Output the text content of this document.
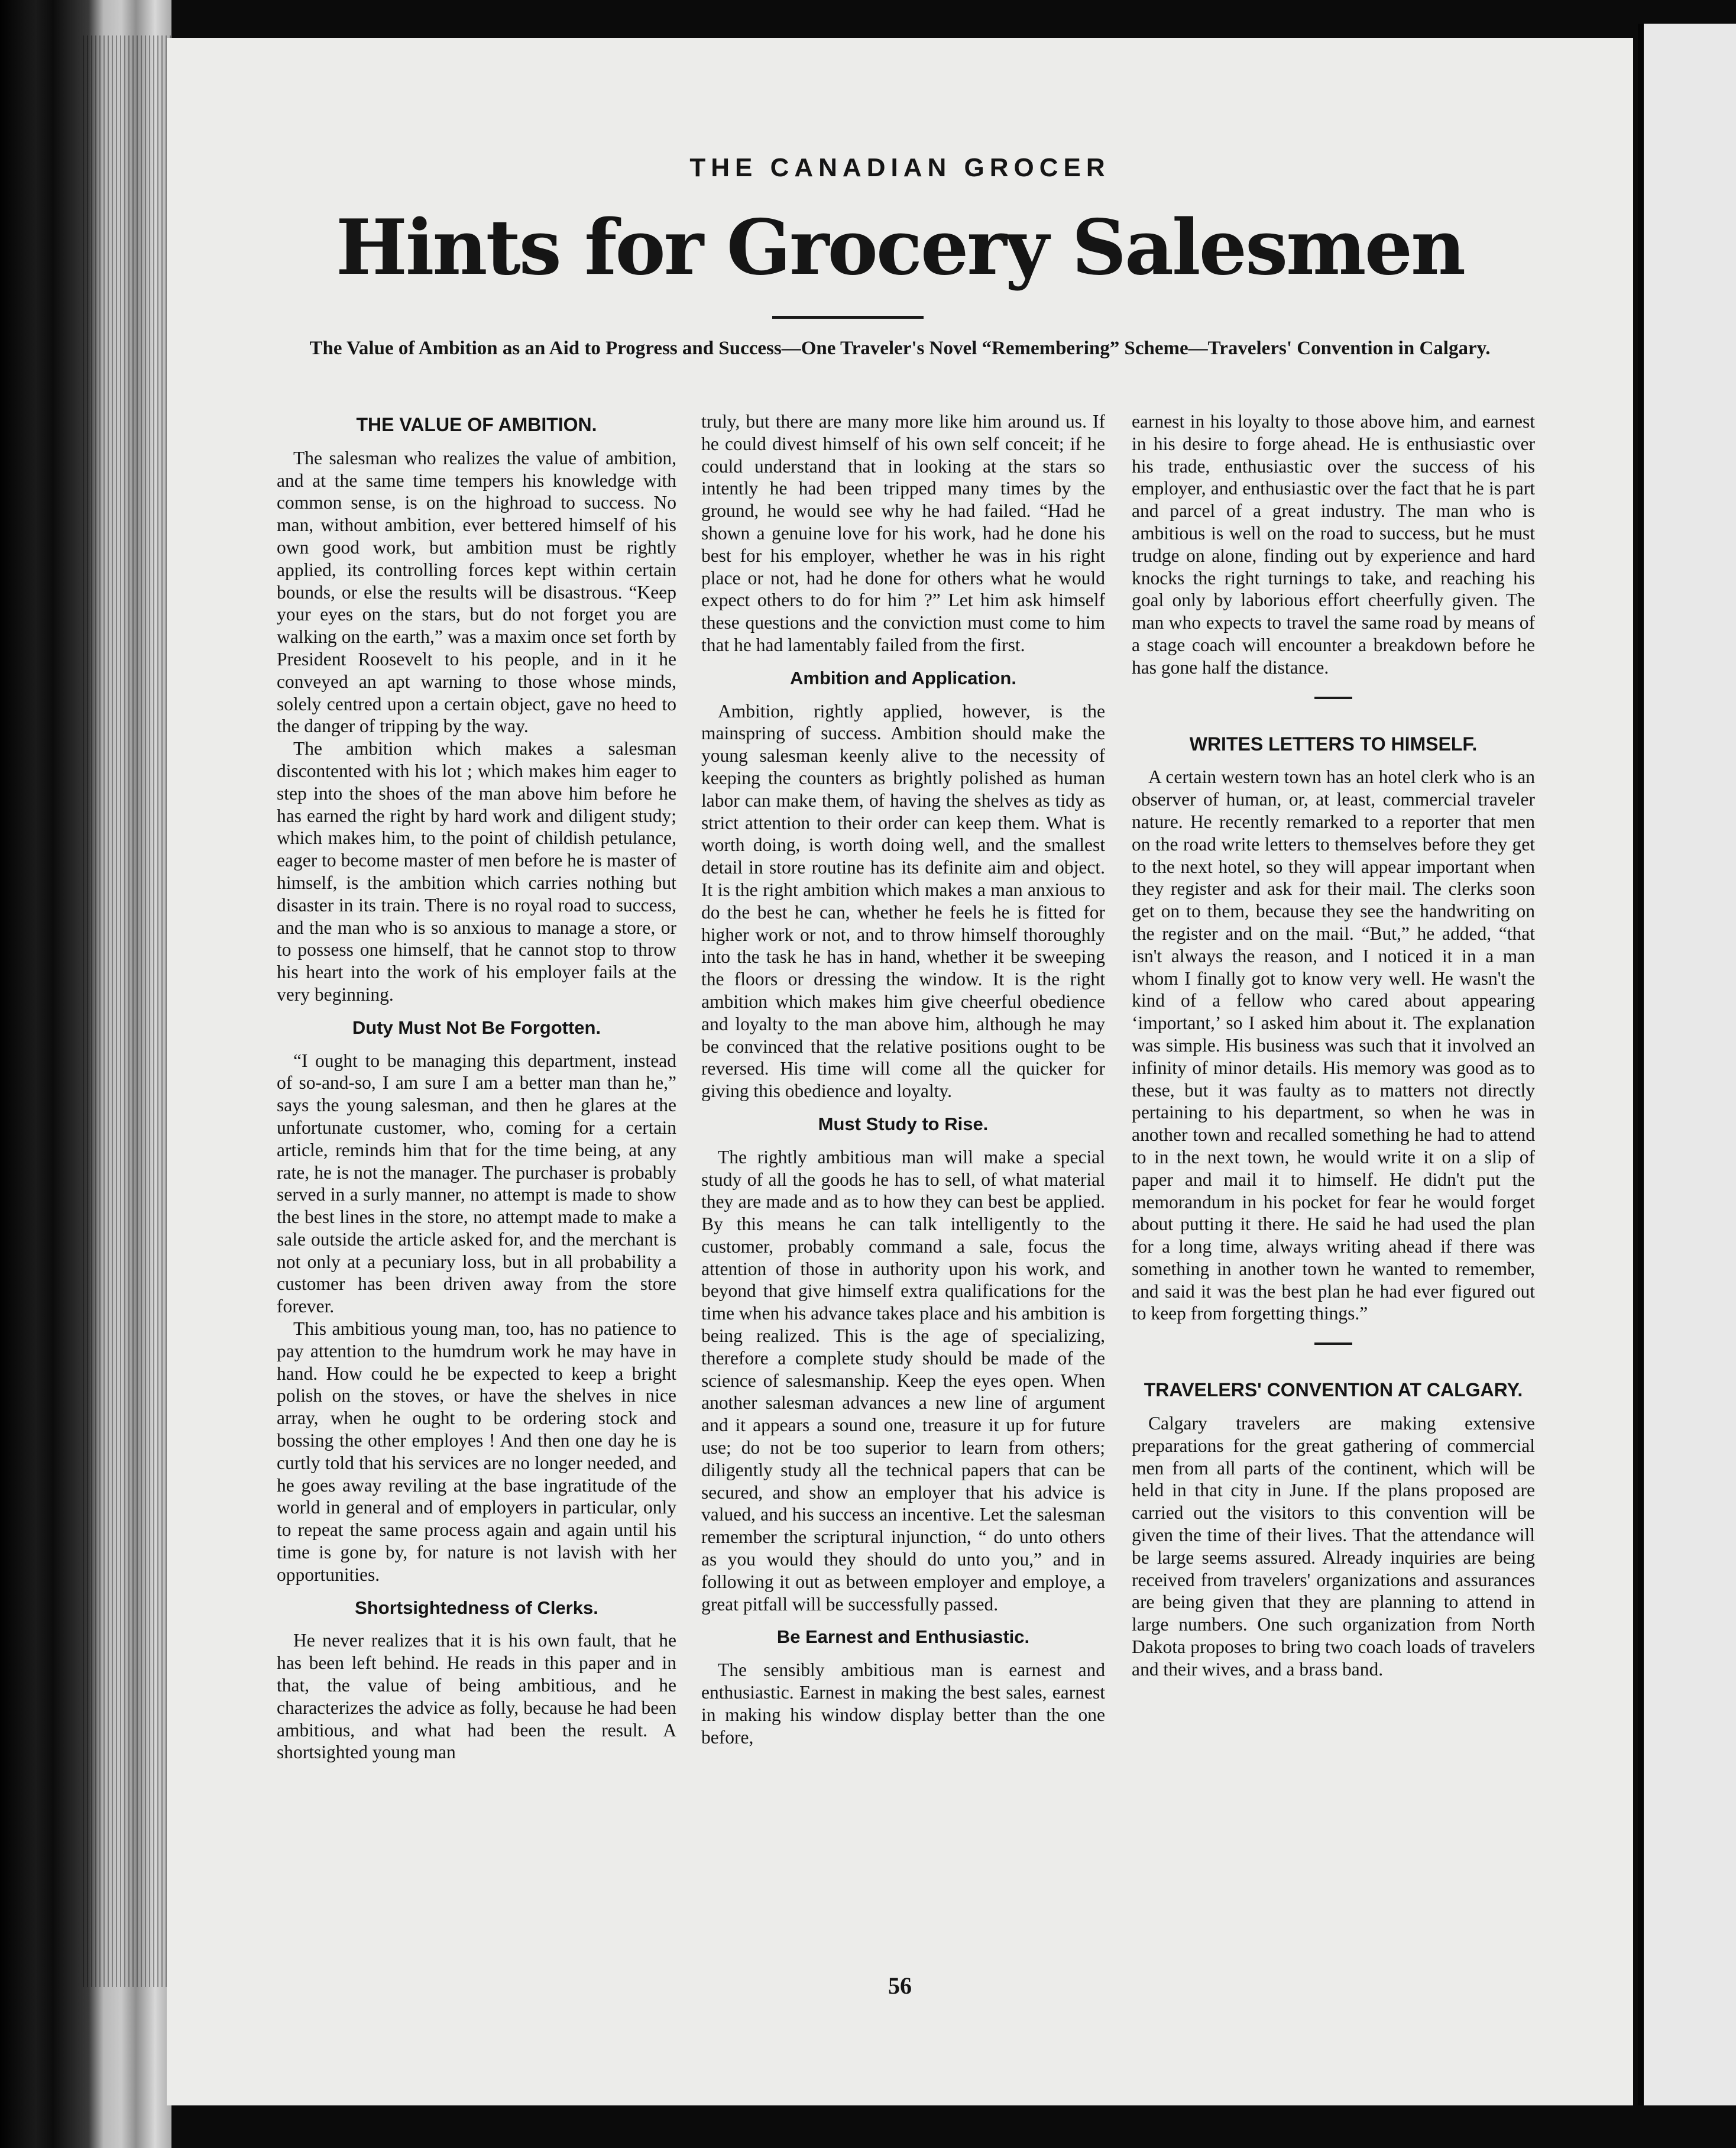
THE CANADIAN GROCER
Hints for Grocery Salesmen
The Value of Ambition as an Aid to Progress and Success—One Traveler's Novel “Remembering” Scheme—Travelers' Convention in Calgary.
THE VALUE OF AMBITION.

The salesman who realizes the value of ambition, and at the same time tempers his knowledge with common sense, is on the highroad to success. No man, without ambition, ever bettered himself of his own good work, but ambition must be rightly applied, its controlling forces kept within certain bounds, or else the results will be disastrous. “Keep your eyes on the stars, but do not forget you are walking on the earth,” was a maxim once set forth by President Roosevelt to his people, and in it he conveyed an apt warning to those whose minds, solely centred upon a certain object, gave no heed to the danger of tripping by the way.

The ambition which makes a salesman discontented with his lot ; which makes him eager to step into the shoes of the man above him before he has earned the right by hard work and diligent study; which makes him, to the point of childish petulance, eager to become master of men before he is master of himself, is the ambition which carries nothing but disaster in its train. There is no royal road to success, and the man who is so anxious to manage a store, or to possess one himself, that he cannot stop to throw his heart into the work of his employer fails at the very beginning.

Duty Must Not Be Forgotten.

“I ought to be managing this department, instead of so-and-so, I am sure I am a better man than he,” says the young salesman, and then he glares at the unfortunate customer, who, coming for a certain article, reminds him that for the time being, at any rate, he is not the manager. The purchaser is probably served in a surly manner, no attempt is made to show the best lines in the store, no attempt made to make a sale outside the article asked for, and the merchant is not only at a pecuniary loss, but in all probability a customer has been driven away from the store forever.

This ambitious young man, too, has no patience to pay attention to the humdrum work he may have in hand. How could he be expected to keep a bright polish on the stoves, or have the shelves in nice array, when he ought to be ordering stock and bossing the other employes ! And then one day he is curtly told that his services are no longer needed, and he goes away reviling at the base ingratitude of the world in general and of employers in particular, only to repeat the same process again and again until his time is gone by, for nature is not lavish with her opportunities.

Shortsightedness of Clerks.

He never realizes that it is his own fault, that he has been left behind. He reads in this paper and in that, the value of being ambitious, and he characterizes the advice as folly, because he had been ambitious, and what had been the result. A shortsighted young man

truly, but there are many more like him around us. If he could divest himself of his own self conceit; if he could understand that in looking at the stars so intently he had been tripped many times by the ground, he would see why he had failed. “Had he shown a genuine love for his work, had he done his best for his employer, whether he was in his right place or not, had he done for others what he would expect others to do for him ?” Let him ask himself these questions and the conviction must come to him that he had lamentably failed from the first.

Ambition and Application.

Ambition, rightly applied, however, is the mainspring of success. Ambition should make the young salesman keenly alive to the necessity of keeping the counters as brightly polished as human labor can make them, of having the shelves as tidy as strict attention to their order can keep them. What is worth doing, is worth doing well, and the smallest detail in store routine has its definite aim and object. It is the right ambition which makes a man anxious to do the best he can, whether he feels he is fitted for higher work or not, and to throw himself thoroughly into the task he has in hand, whether it be sweeping the floors or dressing the window. It is the right ambition which makes him give cheerful obedience and loyalty to the man above him, although he may be convinced that the relative positions ought to be reversed. His time will come all the quicker for giving this obedience and loyalty.

Must Study to Rise.

The rightly ambitious man will make a special study of all the goods he has to sell, of what material they are made and as to how they can best be applied. By this means he can talk intelligently to the customer, probably command a sale, focus the attention of those in authority upon his work, and beyond that give himself extra qualifications for the time when his advance takes place and his ambition is being realized. This is the age of specializing, therefore a complete study should be made of the science of salesmanship. Keep the eyes open. When another salesman advances a new line of argument and it appears a sound one, treasure it up for future use; do not be too superior to learn from others; diligently study all the technical papers that can be secured, and show an employer that his advice is valued, and his success an incentive. Let the salesman remember the scriptural injunction, “ do unto others as you would they should do unto you,” and in following it out as between employer and employe, a great pitfall will be successfully passed.

Be Earnest and Enthusiastic.

The sensibly ambitious man is earnest and enthusiastic. Earnest in making the best sales, earnest in making his window display better than the one before,

earnest in his loyalty to those above him, and earnest in his desire to forge ahead. He is enthusiastic over his trade, enthusiastic over the success of his employer, and enthusiastic over the fact that he is part and parcel of a great industry. The man who is ambitious is well on the road to success, but he must trudge on alone, finding out by experience and hard knocks the right turnings to take, and reaching his goal only by laborious effort cheerfully given. The man who expects to travel the same road by means of a stage coach will encounter a breakdown before he has gone half the distance.

WRITES LETTERS TO HIMSELF.

A certain western town has an hotel clerk who is an observer of human, or, at least, commercial traveler nature. He recently remarked to a reporter that men on the road write letters to themselves before they get to the next hotel, so they will appear important when they register and ask for their mail. The clerks soon get on to them, because they see the handwriting on the register and on the mail. “But,” he added, “that isn't always the reason, and I noticed it in a man whom I finally got to know very well. He wasn't the kind of a fellow who cared about appearing ‘important,’ so I asked him about it. The explanation was simple. His business was such that it involved an infinity of minor details. His memory was good as to these, but it was faulty as to matters not directly pertaining to his department, so when he was in another town and recalled something he had to attend to in the next town, he would write it on a slip of paper and mail it to himself. He didn't put the memorandum in his pocket for fear he would forget about putting it there. He said he had used the plan for a long time, always writing ahead if there was something in another town he wanted to remember, and said it was the best plan he had ever figured out to keep from forgetting things.”

TRAVELERS' CONVENTION AT CALGARY.

Calgary travelers are making extensive preparations for the great gathering of commercial men from all parts of the continent, which will be held in that city in June. If the plans proposed are carried out the visitors to this convention will be given the time of their lives. That the attendance will be large seems assured. Already inquiries are being received from travelers' organizations and assurances are being given that they are planning to attend in large numbers. One such organization from North Dakota proposes to bring two coach loads of travelers and their wives, and a brass band.

56
